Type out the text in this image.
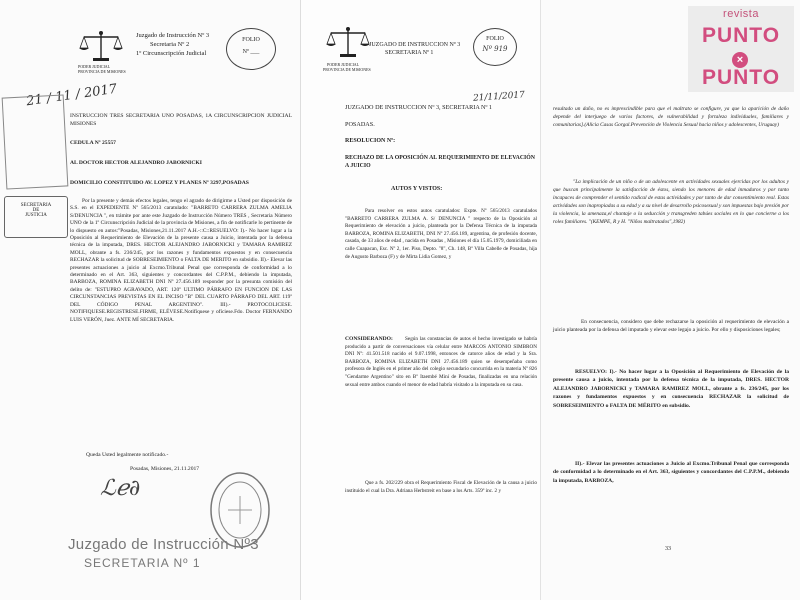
PODER JUDICIAL
PROVINCIA DE MISIONES
Juzgado de Instrucción Nº 3
Secretaria Nº 2
1º Circunscripción Judicial
FOLIO
Nº ___
21 / 11 / 2017
INSTRUCCION TRES SECRETARIA UNO POSADAS, 1A CIRCUNSCRIPCION JUDICIAL MISIONES
CEDULA Nº 25557
AL DOCTOR HECTOR ALEJANDRO JABORNICKI
DOMICILIO CONSTITUIDO AV. LOPEZ Y PLANES Nº 3297,POSADAS
SECRETARIA
DE
JUSTICIA
Por la presente y demás efectos legales, tengo el agrado de dirigirme a Usted por disposición de S.S. en el EXPEDIENTE Nº 565/2013 caratulado: "BARRETO CARRERA ZULMA AMELIA S/DENUNCIA ", en trámite por ante este Juzgado de Instrucción Número TRES , Secretaria Número UNO de la 1º Circunscripción Judicial de la provincia de Misiones, a fin de notificarle lo pertinente de lo dispuesto en autos:"Posadas, Misiones,21.11.2017 A.H.-::C::RESUELVO: I).- No hacer lugar a la Oposición al Requerimiento de Elevación de la presente causa a Juicio, intentada por la defensa técnica de la imputada, DRES. HECTOR ALEJANDRO JABORNICKI y TAMARA RAMIREZ MOLL, obrante a fs. 236/245, por los razones y fundamentos expuestos y en consecuencia RECHAZAR la solicitud de SOBRESEIMIENTO o FALTA DE MERITO en subsidio. II).- Elevar las presentes actuaciones a juicio al Excmo.Tribunal Penal que corresponda de conformidad a lo determinado en el Art. 363, siguientes y concordantes del C.P.P.M., debiendo la imputada, BARBOZA, ROMINA ELIZABETH DNI Nº 27.456.189 responder por la presunta comisión del delito de: "ESTUPRO AGRAVADO, ART. 120º ULTIMO PÁRRAFO EN FUNCION DE LAS CIRCUNSTANCIAS PREVISTAS EN EL INCISO "B" DEL CUARTO PÁRRAFO DEL ART. 119º DEL CÓDIGO PENAL ARGENTINO". III).- PROTOCOLICESE. NOTIFIQUESE.REGISTRESE.FIRME, ELÉVESE.Notifíquese y ofíciese.Fdo. Doctor FERNANDO LUIS VERÓN, Juez. ANTE MÍ SECRETARIA.
Queda Usted legalmente notificado.-
Posadas, Misiones, 21.11.2017
ℒℯ∂
Juzgado de Instrucción Nº3
SECRETARIA Nº 1
PODER JUDICIAL
PROVINCIA DE MISIONES
JUZGADO DE INSTRUCCION Nº 3
SECRETARIA Nº 1
FOLIO
Nº 919
21/11/2017
JUZGADO DE INSTRUCCION Nº 3, SECRETARIA Nº 1
POSADAS.
RESOLUCION Nº:
RECHAZO DE LA OPOSICIÓN AL REQUERIMIENTO DE ELEVACIÓN A JUICIO
AUTOS Y VISTOS:
Para resolver en estos autos caratulados: Expte. Nº 565/2013 caratulados "BARRETO CARRERA ZULMA A. S/ DENUNCIA " respecto de la Oposición al Requerimiento de elevación a juicio, planteada por la Defensa Técnica de la imputada BARBOZA, ROMINA ELIZABETH, DNI Nº 27.456.189, argentina, de profesión docente, casada, de 33 años de edad , nacida en Posadas , Misiones el día 15.05.1979, domiciliada en calle Cuapacan, Esc. Nº 2, 1er. Piso, Depto. "8", Ch. 148, Bº Villa Cabelle de Posadas, hija de Augusto Barboza (F) y de Mirta Lidia Gomez, y
CONSIDERANDO:	Según las constancias de autos el hecho investigado se habría producido a partir de conversaciones vía celular entre MARCOS ANTONIO SIMBRON DNI Nº: 41.501.518 nacido el 9.07.1998, entonces de catorce años de edad y la Sra. BARBOZA, ROMINA ELIZABETH DNI 27.456.189 quien se desempeñaba como profesora de Inglés en el primer año del colegio secundario concurrida en la materia Nº 826 "Gendarme Argentino" sito en Bº Itaembé Miní de Posadas, finalizadas en una relación sexual entre ambos cuando el menor de edad habría visitado a la imputada en su casa.
Que a fs. 202/229 obra el Requerimiento Fiscal de Elevación de la causa a juicio instituido el cual la Dra. Adriana Herbstreit en base a los Arts. 359º inc. 2 y
resultado un daño, no es imprescindible para que el maltrato se configure, ya que la aparición de daño depende del interjuego de varios factores, de vulnerabilidad y fortaleza individuales, familiares y comunitarias].(Alicia Casas Gorgal.Prevención de Violencia Sexual hacia niños y adolescentes, Uruguay)
"La implicación de un niño o de un adolescente en actividades sexuales ejercidas por los adultos y que buscan principalmente la satisfacción de éstos, siendo los menores de edad inmaduros y por tanto incapaces de comprender el sentido radical de estas actividades y por tanto de dar consentimiento real. Estas actividades son inapropiadas a su edad y a su nivel de desarrollo psicosexual y son impuestas bajo presión por la violencia, la amenaza,el chantaje o la seducción y transgreden tabúes sociales en lo que concierne a los roles familiares. "(KEMPE, R y H. "Niños maltratados",1982)
En consecuencia, considero que debe rechazarse la oposición al requerimiento de elevación a juicio planteada por la defensa del imputado y elevar este legajo a juicio. Por ello y disposiciones legales;
RESUELVO: I).- No hacer lugar a la Oposición al Requerimiento de Elevación de la presente causa a juicio, intentada por la defensa técnica de la imputada, DRES. HECTOR ALEJANDRO JABORNICKI y TAMARA RAMIREZ MOLL, obrante a fs. 236/245, por los razones y fundamentos expuestos y en consecuencia RECHAZAR la solicitud de SOBRESEIMIENTO o FALTA DE MÉRITO en subsidio.
II).- Elevar las presentes actuaciones a Juicio al Excmo.Tribunal Penal que corresponda de conformidad a lo determinado en el Art. 363, siguientes y concordantes del C.P.P.M., debiendo la imputada, BARBOZA,
33
revista
PUNTO
×
PUNTO
